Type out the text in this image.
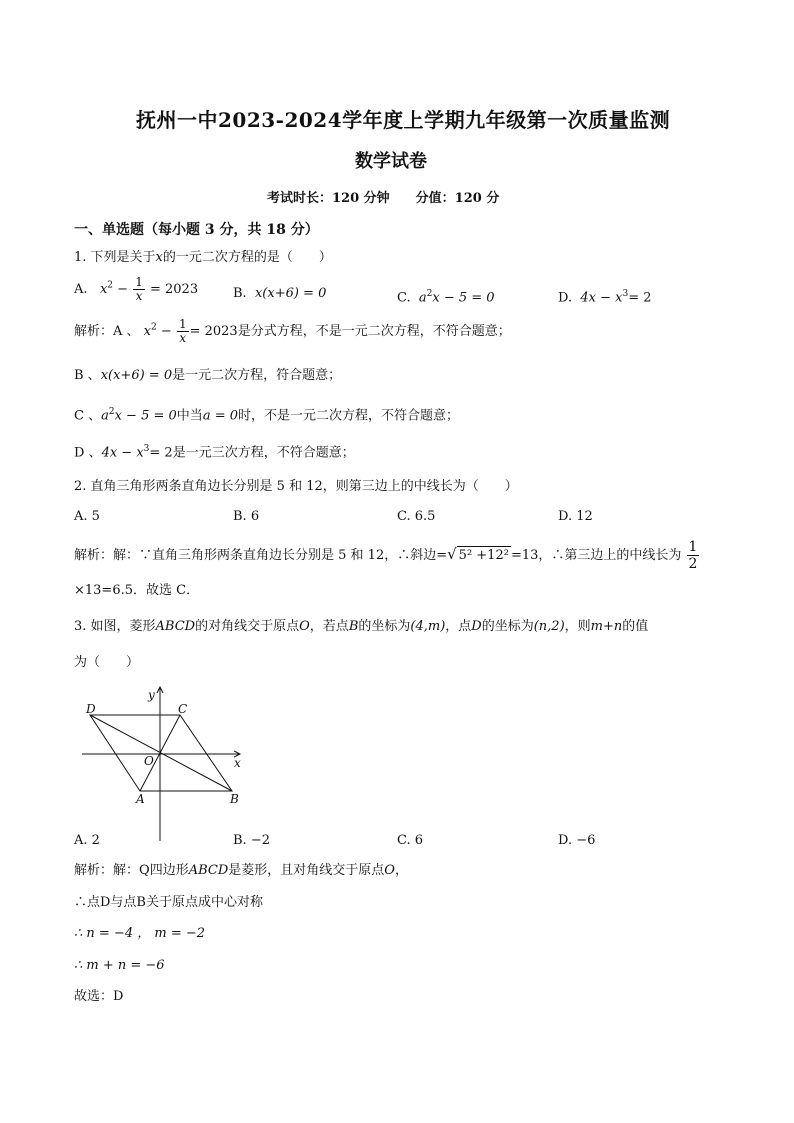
抚州一中2023-2024学年度上学期九年级第一次质量监测
数学试卷
考试时长：120 分钟　　分值：120 分
一、单选题（每小题 3 分，共 18 分）
1. 下列是关于x的一元二次方程的是（　　）
A. $x^2 - \frac{1}{x} = 2023$	B. x(x+6) = 0	C. $a^2x - 5 = 0$	D. $4x - x^3= 2$
解析：A 、 $x^2 - \frac{1}{x} = 2023$是分式方程，不是一元二次方程，不符合题意；
B 、x(x+6) = 0是一元二次方程，符合题意；
C 、$a^2x - 5 = 0$中当a = 0时，不是一元二次方程，不符合题意；
D 、$4x - x^3= 2$是一元三次方程，不符合题意；
2. 直角三角形两条直角边长分别是 5 和 12，则第三边上的中线长为（　　）
A. 5	B. 6	C. 6.5	D. 12
解析：解：∵直角三角形两条直角边长分别是 5 和 12，∴斜边=√ 5² +12² =13，∴第三边上的中线长为 $\frac{1}{2}$
×13=6.5．故选 C．
3. 如图，菱形ABCD的对角线交于原点O，若点B的坐标为(4,m)，点D的坐标为(n,2)，则m+n的值
为（　　）
D	C
y
O	x
A	B
A. 2	B. −2	C. 6	D. −6
解析：解：Q四边形ABCD是菱形，且对角线交于原点O，
∴点D与点B关于原点成中心对称
∴ n = −4 ， m = −2
∴ m + n = −6
故选：D
